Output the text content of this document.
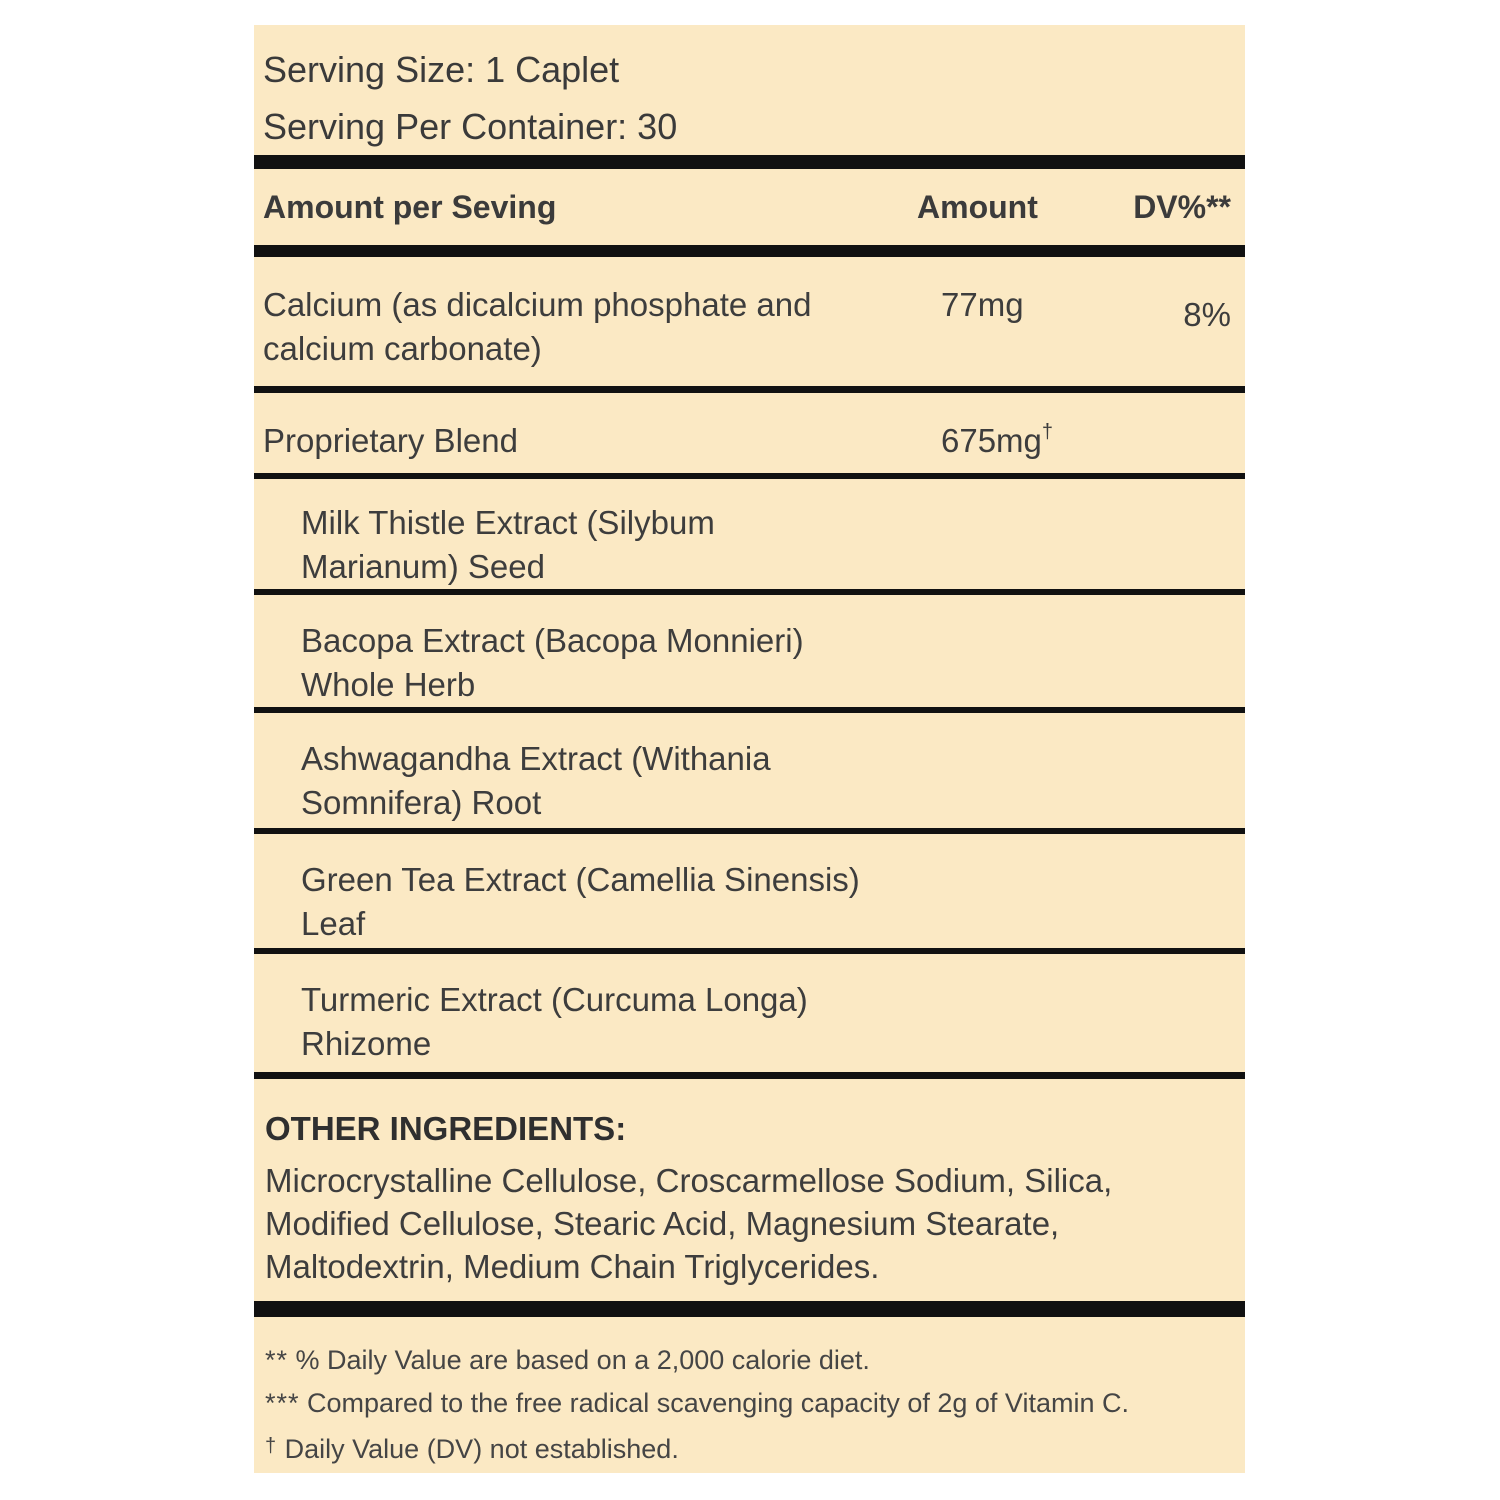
Serving Size: 1 Caplet
Serving Per Container: 30
Amount per Seving	Amount	DV%**
Calcium (as dicalcium phosphate and
calcium carbonate)
77mg	8%
Proprietary Blend	675mg†
Milk Thistle Extract (Silybum
Marianum) Seed
Bacopa Extract (Bacopa Monnieri)
Whole Herb
Ashwagandha Extract (Withania
Somnifera) Root
Green Tea Extract (Camellia Sinensis)
Leaf
Turmeric Extract (Curcuma Longa)
Rhizome
OTHER INGREDIENTS:
Microcrystalline Cellulose, Croscarmellose Sodium, Silica,
Modified Cellulose, Stearic Acid, Magnesium Stearate,
Maltodextrin, Medium Chain Triglycerides.
** % Daily Value are based on a 2,000 calorie diet.
*** Compared to the free radical scavenging capacity of 2g of Vitamin C.
† Daily Value (DV) not established.
